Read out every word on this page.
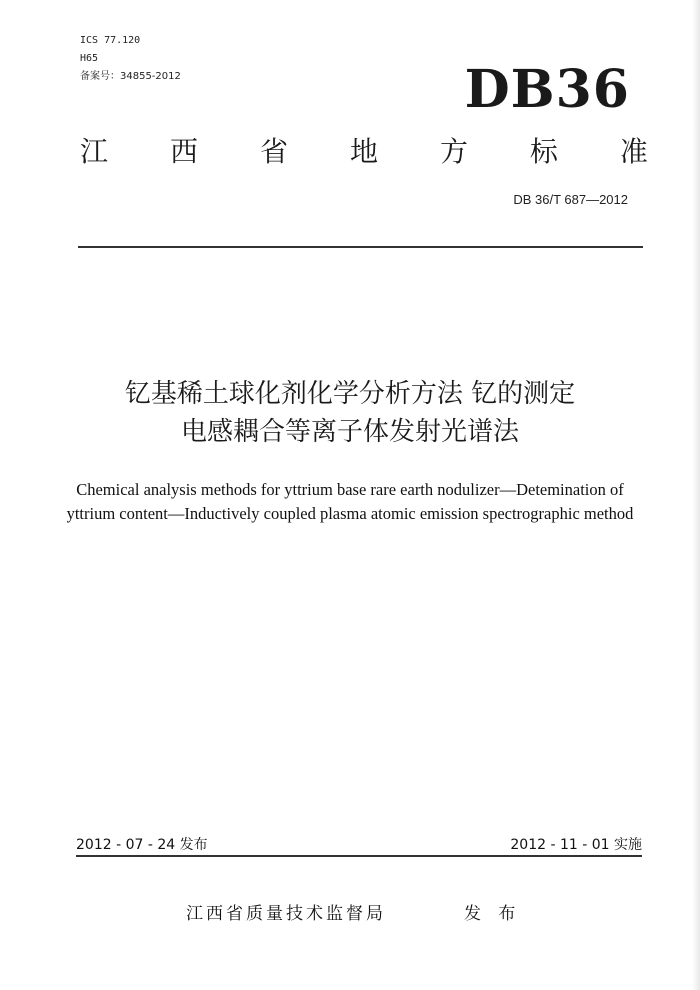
ICS 77.120
H65
备案号：34855-2012	DB36
江 西 省 地 方 标 准
DB 36/T 687—2012
钇基稀土球化剂化学分析方法 钇的测定
电感耦合等离子体发射光谱法
Chemical analysis methods for yttrium base rare earth nodulizer—Detemination of
yttrium content—Inductively coupled plasma atomic emission spectrographic method
2012 - 07 - 24 发布	2012 - 11 - 01 实施
江西省质量技术监督局	发 布
